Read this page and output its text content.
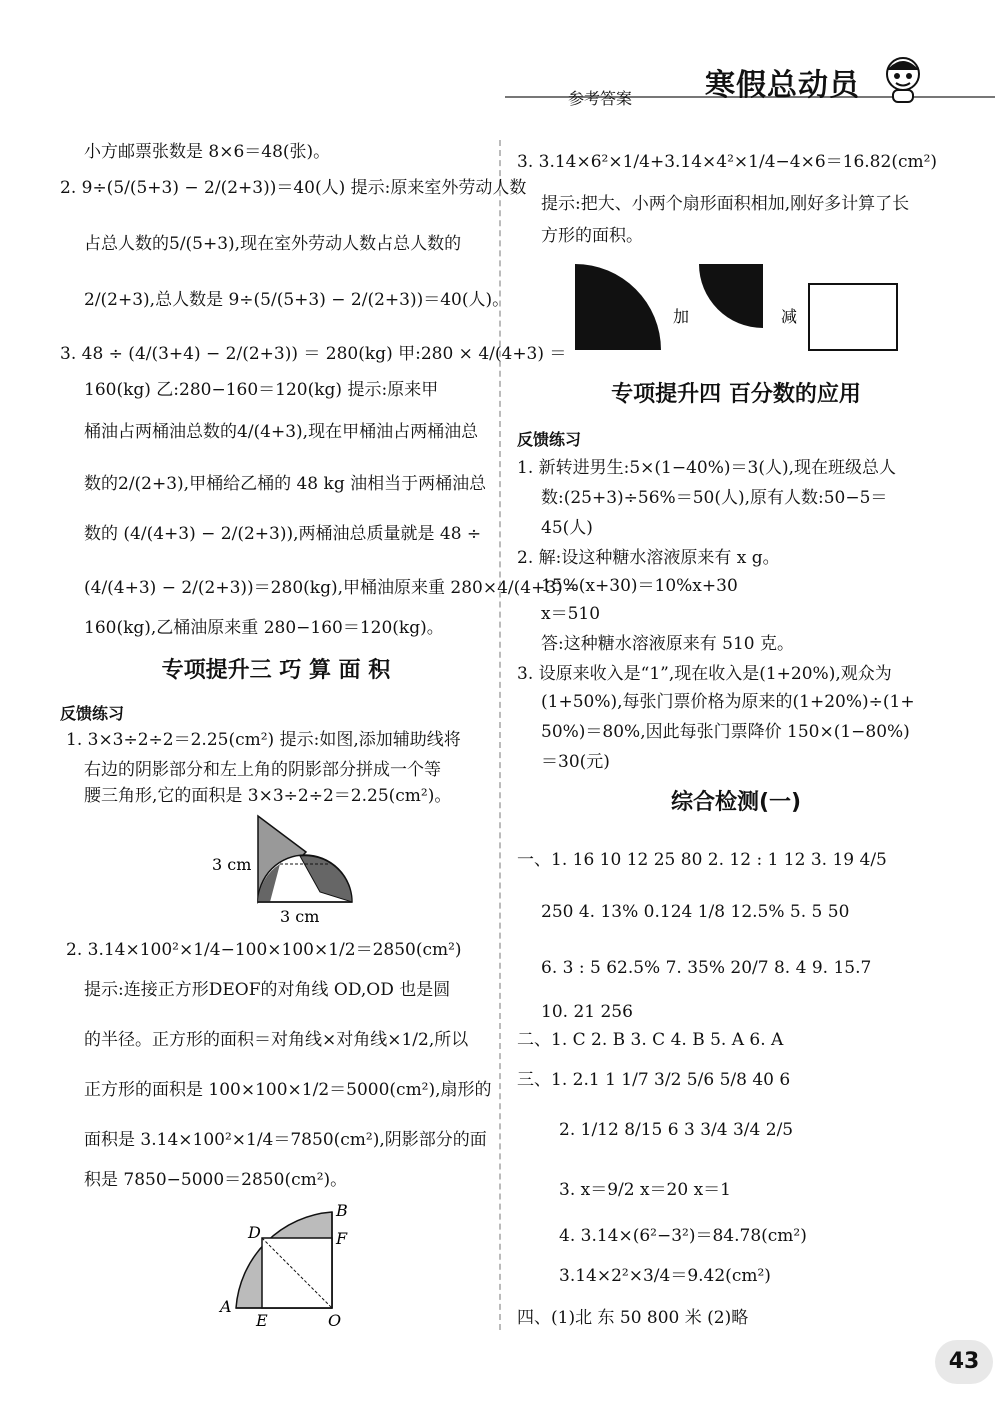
参考答案 寒假总动员
小方邮票张数是 8×6＝48(张)。
2. 9÷(5/(5+3) − 2/(2+3))＝40(人) 提示:原来室外劳动人数
占总人数的5/(5+3),现在室外劳动人数占总人数的
2/(2+3),总人数是 9÷(5/(5+3) − 2/(2+3))＝40(人)。
3. 48 ÷ (4/(3+4) − 2/(2+3)) ＝ 280(kg) 甲:280 × 4/(4+3) ＝
160(kg) 乙:280−160＝120(kg) 提示:原来甲
桶油占两桶油总数的4/(4+3),现在甲桶油占两桶油总
数的2/(2+3),甲桶给乙桶的 48 kg 油相当于两桶油总
数的 (4/(4+3) − 2/(2+3)),两桶油总质量就是 48 ÷
(4/(4+3) − 2/(2+3))＝280(kg),甲桶油原来重 280×4/(4+3)＝
160(kg),乙桶油原来重 280−160＝120(kg)。
专项提升三 巧 算 面 积
反馈练习
1. 3×3÷2÷2＝2.25(cm²) 提示:如图,添加辅助线将
右边的阴影部分和左上角的阴影部分拼成一个等
腰三角形,它的面积是 3×3÷2÷2＝2.25(cm²)。
3 cm
3 cm
2. 3.14×100²×1/4−100×100×1/2＝2850(cm²)
提示:连接正方形DEOF的对角线 OD,OD 也是圆
的半径。正方形的面积＝对角线×对角线×1/2,所以
正方形的面积是 100×100×1/2＝5000(cm²),扇形的
面积是 3.14×100²×1/4＝7850(cm²),阴影部分的面
积是 7850−5000＝2850(cm²)。
B
D	F
A
E	O
3. 3.14×6²×1/4+3.14×4²×1/4−4×6＝16.82(cm²)
提示:把大、小两个扇形面积相加,刚好多计算了长
方形的面积。
加	减
专项提升四 百分数的应用
反馈练习
1. 新转进男生:5×(1−40%)＝3(人),现在班级总人
数:(25+3)÷56%＝50(人),原有人数:50−5＝
45(人)
2. 解:设这种糖水溶液原来有 x g。
15%(x+30)＝10%x+30
x＝510
答:这种糖水溶液原来有 510 克。
3. 设原来收入是“1”,现在收入是(1+20%),观众为
(1+50%),每张门票价格为原来的(1+20%)÷(1+
50%)＝80%,因此每张门票降价 150×(1−80%)
＝30(元)
综合检测(一)
一、1. 16 10 12 25 80 2. 12 : 1 12 3. 19 4/5
250 4. 13% 0.124 1/8 12.5% 5. 5 50
6. 3 : 5 62.5% 7. 35% 20/7 8. 4 9. 15.7
10. 21 256
二、1. C 2. B 3. C 4. B 5. A 6. A
三、1. 2.1 1 1/7 3/2 5/6 5/8 40 6
2. 1/12 8/15 6 3 3/4 3/4 2/5
3. x＝9/2 x＝20 x＝1
4. 3.14×(6²−3²)＝84.78(cm²)
3.14×2²×3/4＝9.42(cm²)
四、(1)北 东 50 800 米 (2)略
43
